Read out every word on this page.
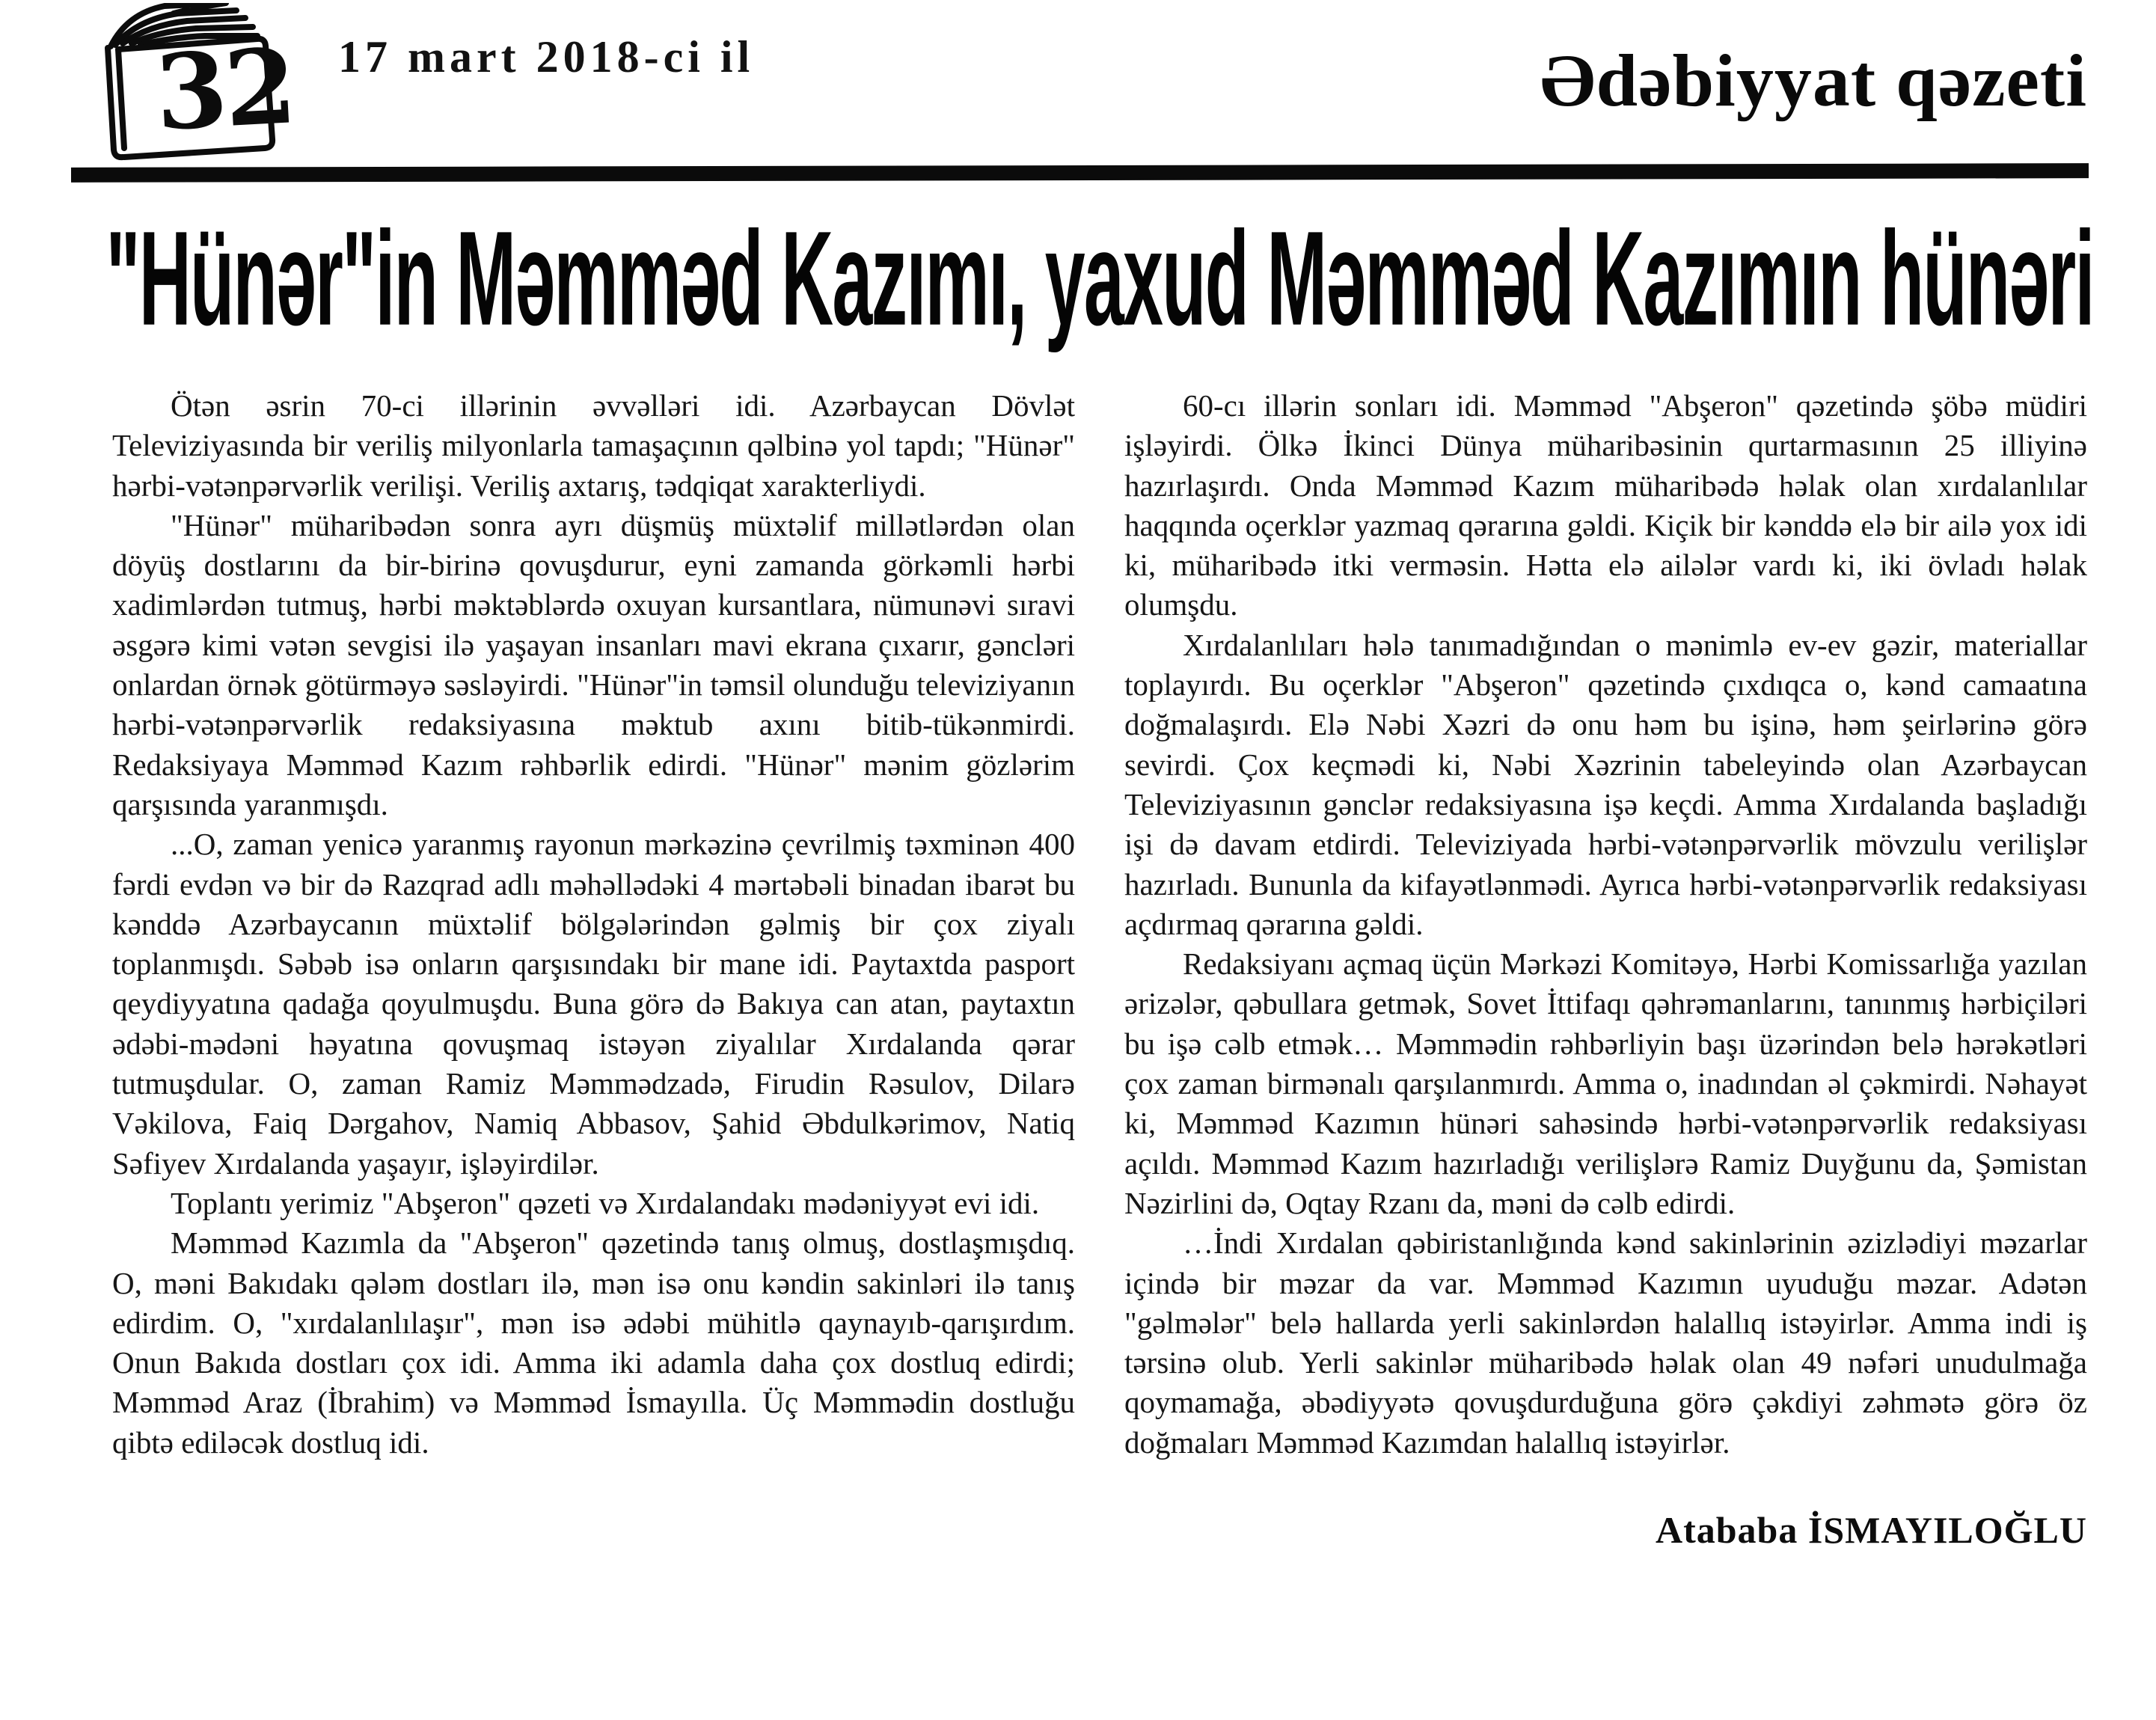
32 17 mart 2018-ci il	Ədəbiyyat qəzeti
"Hünər"in Məmməd Kazımı, yaxud Məmməd Kazımın hünəri

Ötən əsrin 70-ci illərinin əvvəlləri idi. Azərbaycan Dövlət Televiziyasında bir veriliş milyonlarla tamaşaçının qəlbinə yol tapdı; "Hünər" hərbi-vətənpərvərlik verilişi. Veriliş axtarış, tədqiqat xarakterliydi.

"Hünər" müharibədən sonra ayrı düşmüş müxtəlif millətlərdən olan döyüş dostlarını da bir-birinə qovuşdurur, eyni zamanda görkəmli hərbi xadimlərdən tutmuş, hərbi məktəblərdə oxuyan kursantlara, nümunəvi sıravi əsgərə kimi vətən sevgisi ilə yaşayan insanları mavi ekrana çıxarır, gəncləri onlardan örnək götürməyə səsləyirdi. "Hünər"in təmsil olunduğu televiziyanın hərbi-vətənpərvərlik redaksiyasına məktub axını bitib-tükənmirdi. Redaksiyaya Məmməd Kazım rəhbərlik edirdi. "Hünər" mənim gözlərim qarşısında yaranmışdı.

...O, zaman yenicə yaranmış rayonun mərkəzinə çevrilmiş təxminən 400 fərdi evdən və bir də Razqrad adlı məhəllədəki 4 mərtəbəli binadan ibarət bu kənddə Azərbaycanın müxtəlif bölgələrindən gəlmiş bir çox ziyalı toplanmışdı. Səbəb isə onların qarşısındakı bir mane idi. Paytaxtda pasport qeydiyyatına qadağa qoyulmuşdu. Buna görə də Bakıya can atan, paytaxtın ədəbi-mədəni həyatına qovuşmaq istəyən ziyalılar Xırdalanda qərar tutmuşdular. O, zaman Ramiz Məmmədzadə, Firudin Rəsulov, Dilarə Vəkilova, Faiq Dərgahov, Namiq Abbasov, Şahid Əbdulkərimov, Natiq Səfiyev Xırdalanda yaşayır, işləyirdilər.

Toplantı yerimiz "Abşeron" qəzeti və Xırdalandakı mədəniyyət evi idi.

Məmməd Kazımla da "Abşeron" qəzetində tanış olmuş, dostlaşmışdıq. O, məni Bakıdakı qələm dostları ilə, mən isə onu kəndin sakinləri ilə tanış edirdim. O, "xırdalanlılaşır", mən isə ədəbi mühitlə qaynayıb-qarışırdım. Onun Bakıda dostları çox idi. Amma iki adamla daha çox dostluq edirdi; Məmməd Araz (İbrahim) və Məmməd İsmayılla. Üç Məmmədin dostluğu qibtə ediləcək dostluq idi.

60-cı illərin sonları idi. Məmməd "Abşeron" qəzetində şöbə müdiri işləyirdi. Ölkə İkinci Dünya müharibəsinin qurtarmasının 25 illiyinə hazırlaşırdı. Onda Məmməd Kazım müharibədə həlak olan xırdalanlılar haqqında oçerklər yazmaq qərarına gəldi. Kiçik bir kənddə elə bir ailə yox idi ki, müharibədə itki verməsin. Hətta elə ailələr vardı ki, iki övladı həlak olumşdu.

Xırdalanlıları hələ tanımadığından o mənimlə ev-ev gəzir, materiallar toplayırdı. Bu oçerklər "Abşeron" qəzetində çıxdıqca o, kənd camaatına doğmalaşırdı. Elə Nəbi Xəzri də onu həm bu işinə, həm şeirlərinə görə sevirdi. Çox keçmədi ki, Nəbi Xəzrinin tabeleyində olan Azərbaycan Televiziyasının gənclər redaksiyasına işə keçdi. Amma Xırdalanda başladığı işi də davam etdirdi. Televiziyada hərbi-vətənpərvərlik mövzulu verilişlər hazırladı. Bununla da kifayətlənmədi. Ayrıca hərbi-vətənpərvərlik redaksiyası açdırmaq qərarına gəldi.

Redaksiyanı açmaq üçün Mərkəzi Komitəyə, Hərbi Komissarlığa yazılan ərizələr, qəbullara getmək, Sovet İttifaqı qəhrəmanlarını, tanınmış hərbiçiləri bu işə cəlb etmək… Məmmədin rəhbərliyin başı üzərindən belə hərəkətləri çox zaman birmənalı qarşılanmırdı. Amma o, inadından əl çəkmirdi. Nəhayət ki, Məmməd Kazımın hünəri sahəsində hərbi-vətənpərvərlik redaksiyası açıldı. Məmməd Kazım hazırladığı verilişlərə Ramiz Duyğunu da, Şəmistan Nəzirlini də, Oqtay Rzanı da, məni də cəlb edirdi.

…İndi Xırdalan qəbiristanlığında kənd sakinlərinin əzizlədiyi məzarlar içində bir məzar da var. Məmməd Kazımın uyuduğu məzar. Adətən "gəlmələr" belə hallarda yerli sakinlərdən halallıq istəyirlər. Amma indi iş tərsinə olub. Yerli sakinlər müharibədə həlak olan 49 nəfəri unudulmağa qoymamağa, əbədiyyətə qovuşdurduğuna görə çəkdiyi zəhmətə görə öz doğmaları Məmməd Kazımdan halallıq istəyirlər.

Atababa İSMAYILOĞLU
